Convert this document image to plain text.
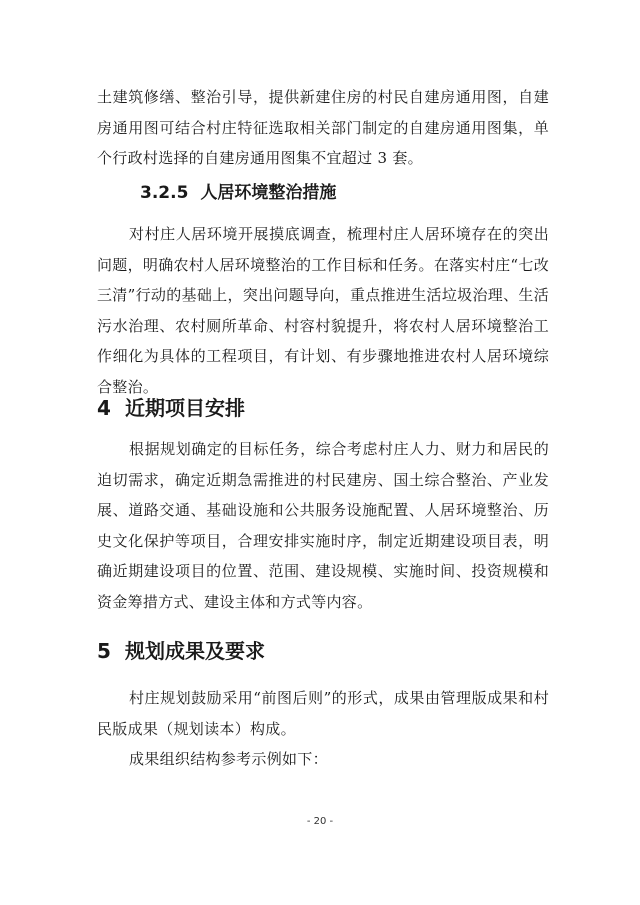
土建筑修缮、整治引导，提供新建住房的村民自建房通用图，自建房通用图可结合村庄特征选取相关部门制定的自建房通用图集，单个行政村选择的自建房通用图集不宜超过 3 套。

3.2.5 人居环境整治措施

对村庄人居环境开展摸底调查，梳理村庄人居环境存在的突出问题，明确农村人居环境整治的工作目标和任务。在落实村庄“七改三清”行动的基础上，突出问题导向，重点推进生活垃圾治理、生活污水治理、农村厕所革命、村容村貌提升，将农村人居环境整治工作细化为具体的工程项目，有计划、有步骤地推进农村人居环境综合整治。

4 近期项目安排

根据规划确定的目标任务，综合考虑村庄人力、财力和居民的迫切需求，确定近期急需推进的村民建房、国土综合整治、产业发展、道路交通、基础设施和公共服务设施配置、人居环境整治、历史文化保护等项目，合理安排实施时序，制定近期建设项目表，明确近期建设项目的位置、范围、建设规模、实施时间、投资规模和资金筹措方式、建设主体和方式等内容。

5 规划成果及要求

村庄规划鼓励采用“前图后则”的形式，成果由管理版成果和村民版成果（规划读本）构成。

成果组织结构参考示例如下：

- 20 -
